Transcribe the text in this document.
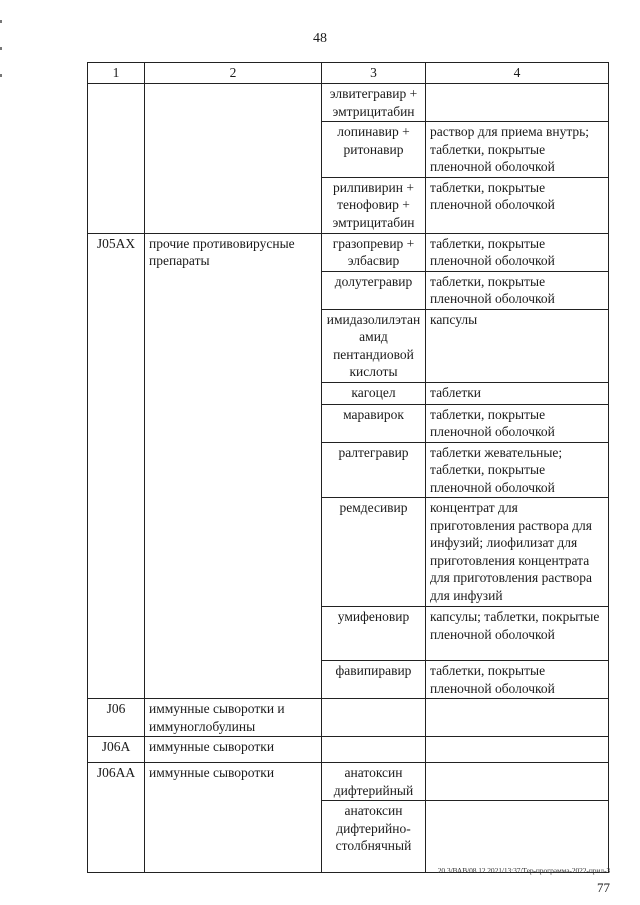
48
1	2	3	4
		элвитегравир + эмтрицитабин	
		лопинавир + ритонавир	раствор для приема внутрь; таблетки, покрытые пленочной оболочкой
		рилпивирин + тенофовир + эмтрицитабин	таблетки, покрытые пленочной оболочкой
J05AX	прочие противовирусные препараты	гразопревир + элбасвир	таблетки, покрытые пленочной оболочкой
		долутегравир	таблетки, покрытые пленочной оболочкой
		имидазолилэтанамид пентандиовой кислоты	капсулы
		кагоцел	таблетки
		маравирок	таблетки, покрытые пленочной оболочкой
		ралтегравир	таблетки жевательные; таблетки, покрытые пленочной оболочкой
		ремдесивир	концентрат для приготовления раствора для инфузий; лиофилизат для приготовления концентрата для приготовления раствора для инфузий
		умифеновир	капсулы; таблетки, покрытые пленочной оболочкой
		фавипиравир	таблетки, покрытые пленочной оболочкой
J06	иммунные сыворотки и иммуноглобулины		
J06A	иммунные сыворотки		
J06AA	иммунные сыворотки	анатоксин дифтерийный	
		анатоксин дифтерийно-столбнячный	
20.3/ВАВ/08.12.2021/13:37/Тер-программа-2022-прил-3
77
